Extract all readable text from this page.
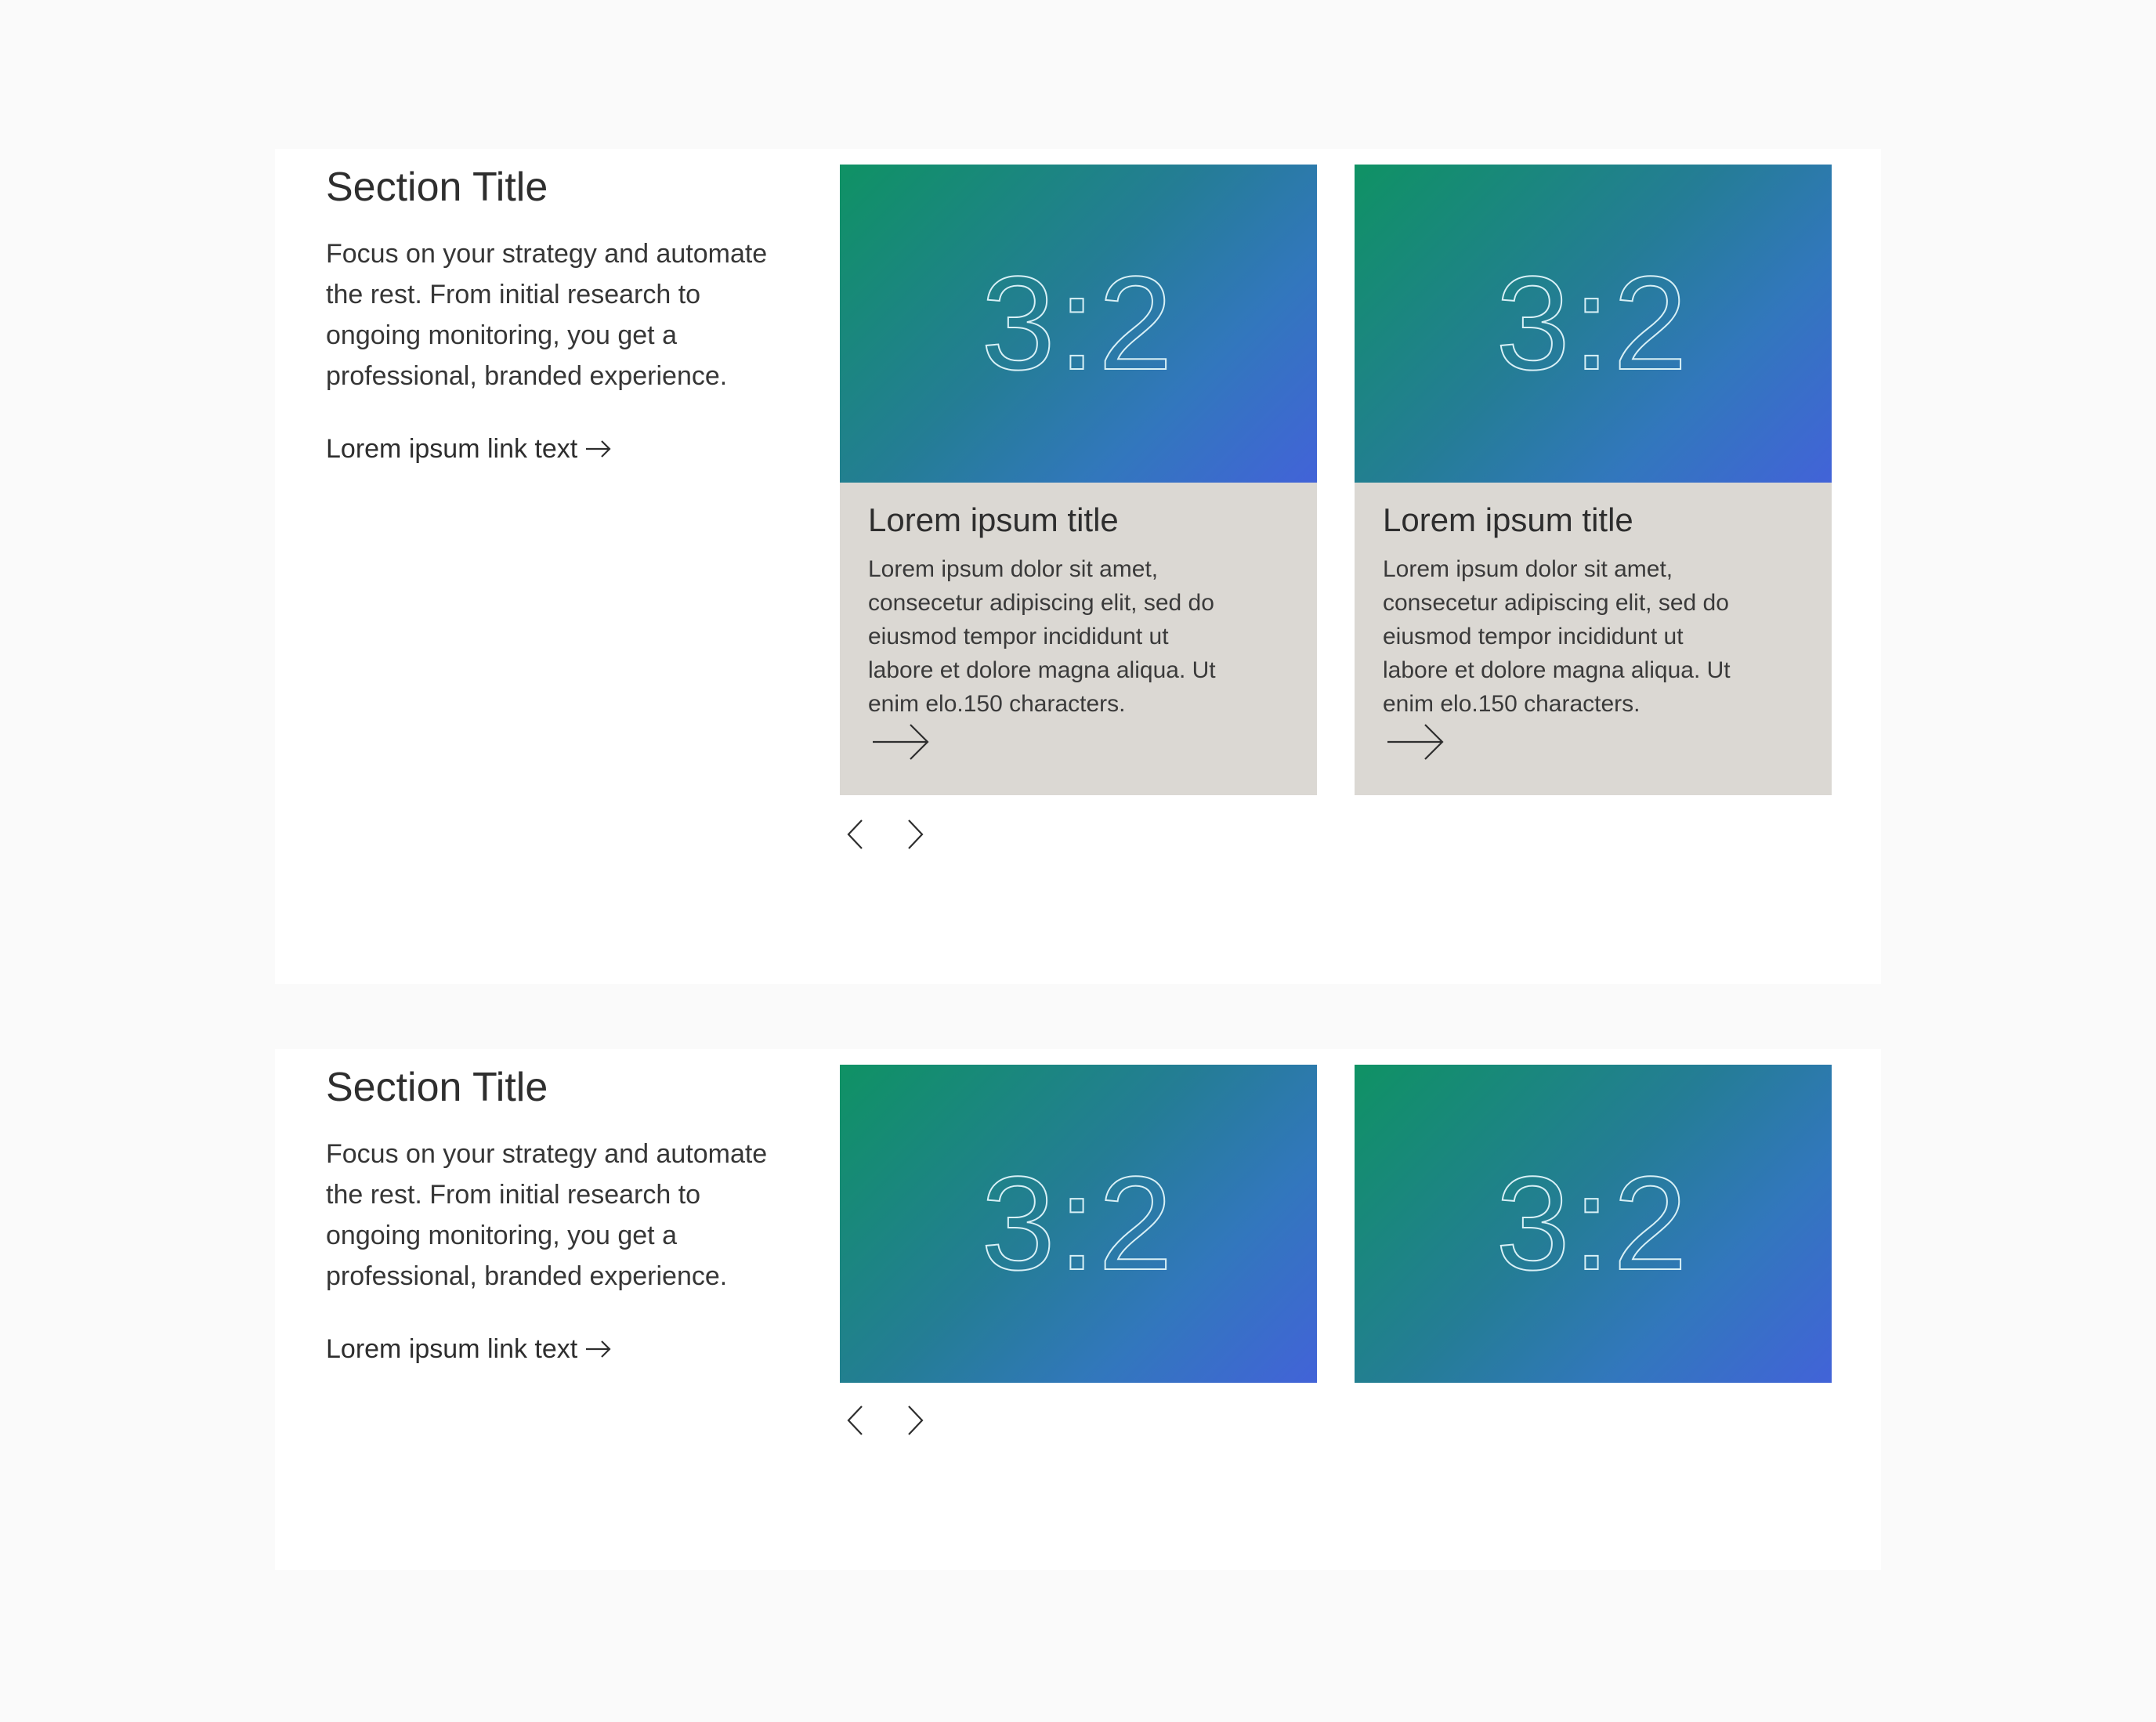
Section Title

Focus on your strategy and automate the rest. From initial research to ongoing monitoring, you get a professional, branded experience.

Lorem ipsum link text
3:2
Lorem ipsum title

Lorem ipsum dolor sit amet, consecetur adipiscing elit, sed do eiusmod tempor incididunt ut labore et dolore magna aliqua. Ut enim elo.150 characters.

3:2
Lorem ipsum title

Lorem ipsum dolor sit amet, consecetur adipiscing elit, sed do eiusmod tempor incididunt ut labore et dolore magna aliqua. Ut enim elo.150 characters.

Section Title

Focus on your strategy and automate the rest. From initial research to ongoing monitoring, you get a professional, branded experience.

Lorem ipsum link text
3:2 3:2
